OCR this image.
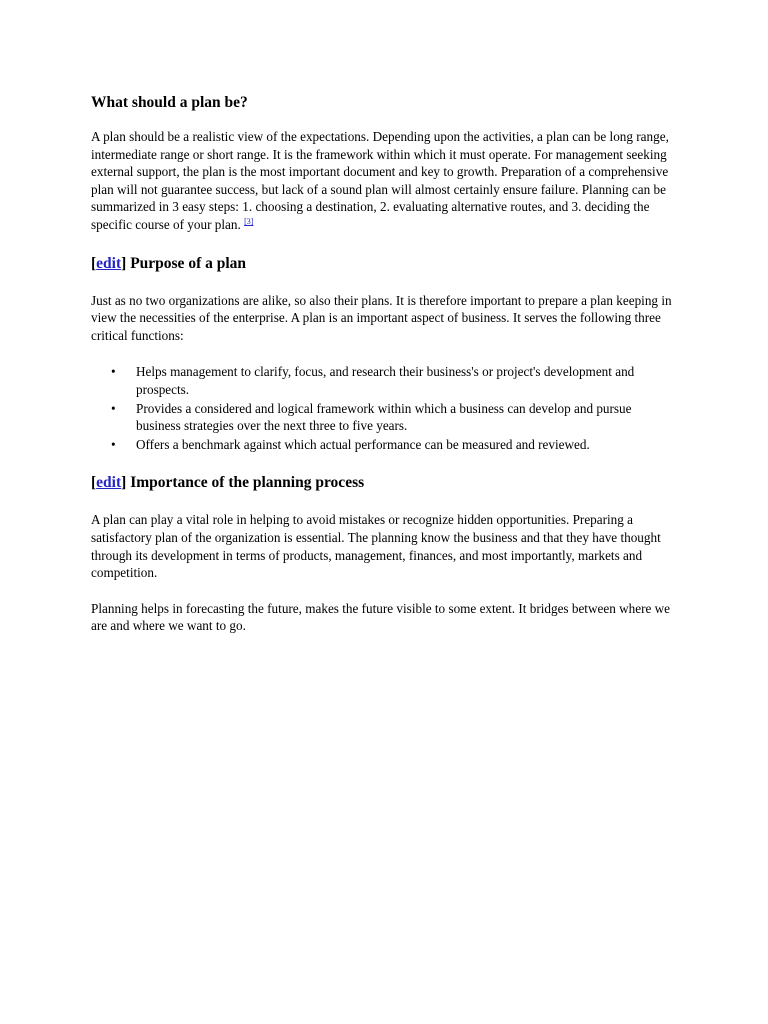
What should a plan be?

A plan should be a realistic view of the expectations. Depending upon the activities, a plan can be long range, intermediate range or short range. It is the framework within which it must operate. For management seeking external support, the plan is the most important document and key to growth. Preparation of a comprehensive plan will not guarantee success, but lack of a sound plan will almost certainly ensure failure. Planning can be summarized in 3 easy steps: 1. choosing a destination, 2. evaluating alternative routes, and 3. deciding the specific course of your plan. [3]

[edit] Purpose of a plan

Just as no two organizations are alike, so also their plans. It is therefore important to prepare a plan keeping in view the necessities of the enterprise. A plan is an important aspect of business. It serves the following three critical functions:

• Helps management to clarify, focus, and research their business's or project's development and prospects.
• Provides a considered and logical framework within which a business can develop and pursue business strategies over the next three to five years.
• Offers a benchmark against which actual performance can be measured and reviewed.
[edit] Importance of the planning process

A plan can play a vital role in helping to avoid mistakes or recognize hidden opportunities. Preparing a satisfactory plan of the organization is essential. The planning know the business and that they have thought through its development in terms of products, management, finances, and most importantly, markets and competition.

Planning helps in forecasting the future, makes the future visible to some extent. It bridges between where we are and where we want to go.
